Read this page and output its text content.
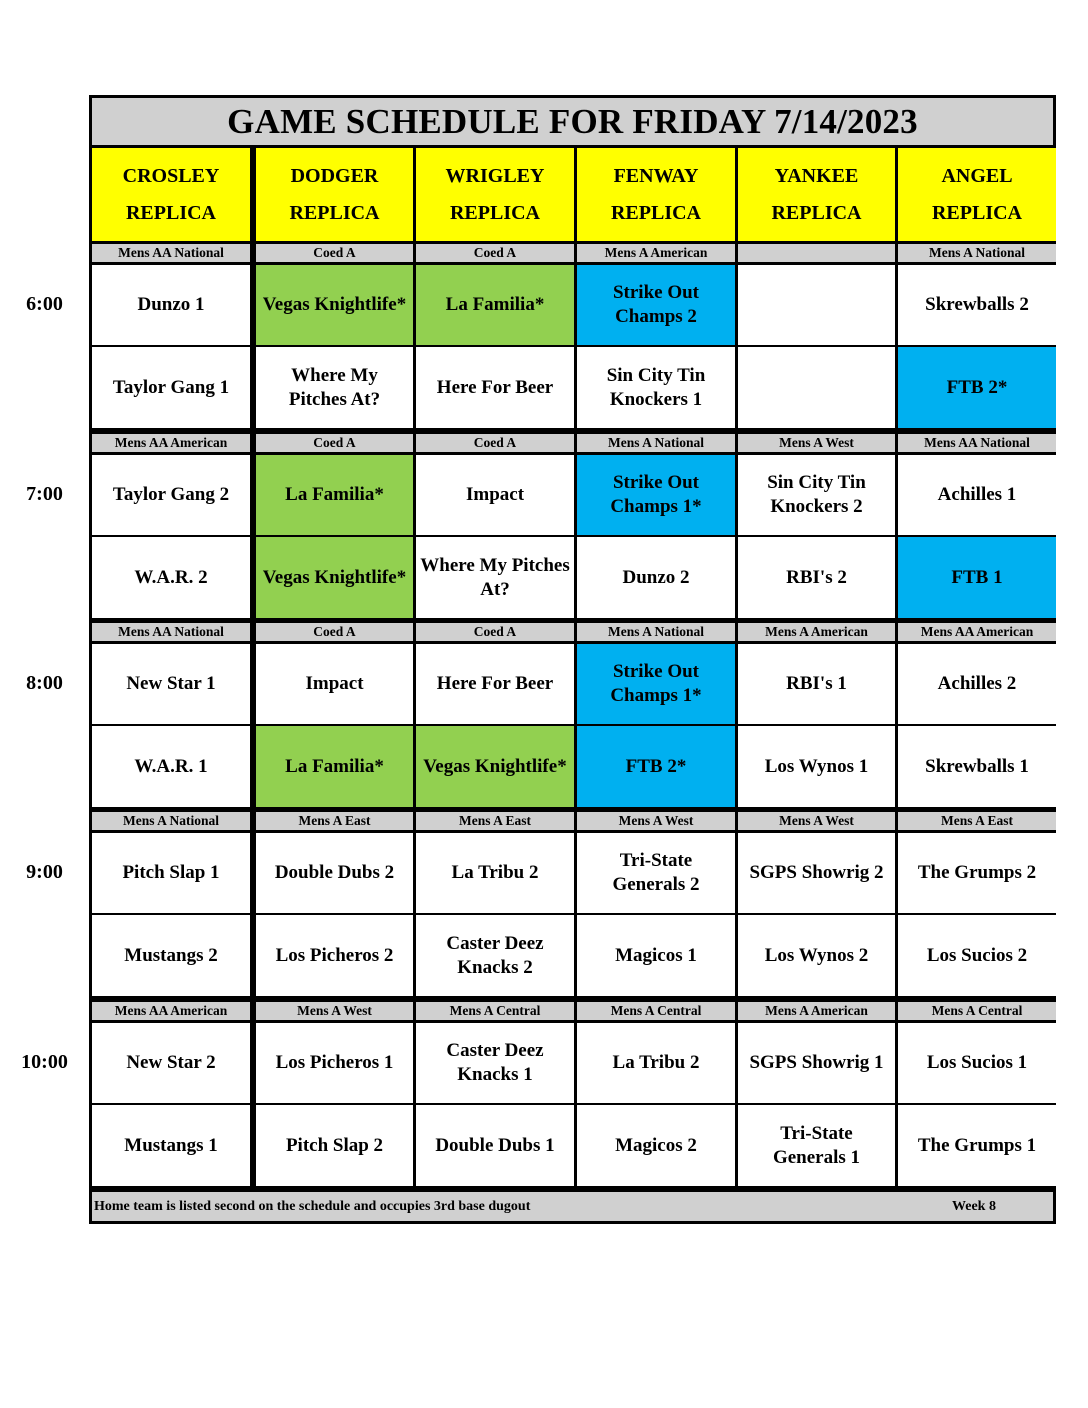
GAME SCHEDULE FOR FRIDAY 7/14/2023
CROSLEY
REPLICA
DODGER
REPLICA
WRIGLEY
REPLICA
FENWAY
REPLICA
YANKEE
REPLICA
ANGEL
REPLICA
Mens AA National
Dunzo 1
Taylor Gang 1
Coed A
Vegas Knightlife*
Where My Pitches At?
Coed A
La Familia*
Here For Beer
Mens A American
Strike Out Champs 2
Sin City Tin Knockers 1
Mens A National
Skrewballs 2
FTB 2*
Mens AA American
Taylor Gang 2
W.A.R. 2
Coed A
La Familia*
Vegas Knightlife*
Coed A
Impact
Where My Pitches At?
Mens A National
Strike Out Champs 1*
Dunzo 2
Mens A West
Sin City Tin Knockers 2
RBI's 2
Mens AA National
Achilles 1
FTB 1
Mens AA National
New Star 1
W.A.R. 1
Coed A
Impact
La Familia*
Coed A
Here For Beer
Vegas Knightlife*
Mens A National
Strike Out Champs 1*
FTB 2*
Mens A American
RBI's 1
Los Wynos 1
Mens AA American
Achilles 2
Skrewballs 1
Mens A National
Pitch Slap 1
Mustangs 2
Mens A East
Double Dubs 2
Los Picheros 2
Mens A East
La Tribu 2
Caster Deez Knacks 2
Mens A West
Tri-State Generals 2
Magicos 1
Mens A West
SGPS Showrig 2
Los Wynos 2
Mens A East
The Grumps 2
Los Sucios 2
Mens AA American
New Star 2
Mustangs 1
Mens A West
Los Picheros 1
Pitch Slap 2
Mens A Central
Caster Deez Knacks 1
Double Dubs 1
Mens A Central
La Tribu 2
Magicos 2
Mens A American
SGPS Showrig 1
Tri-State Generals 1
Mens A Central
Los Sucios 1
The Grumps 1
Home team is listed second on the schedule and occupies 3rd base dugout	Week 8
6:00
7:00
8:00
9:00
10:00
